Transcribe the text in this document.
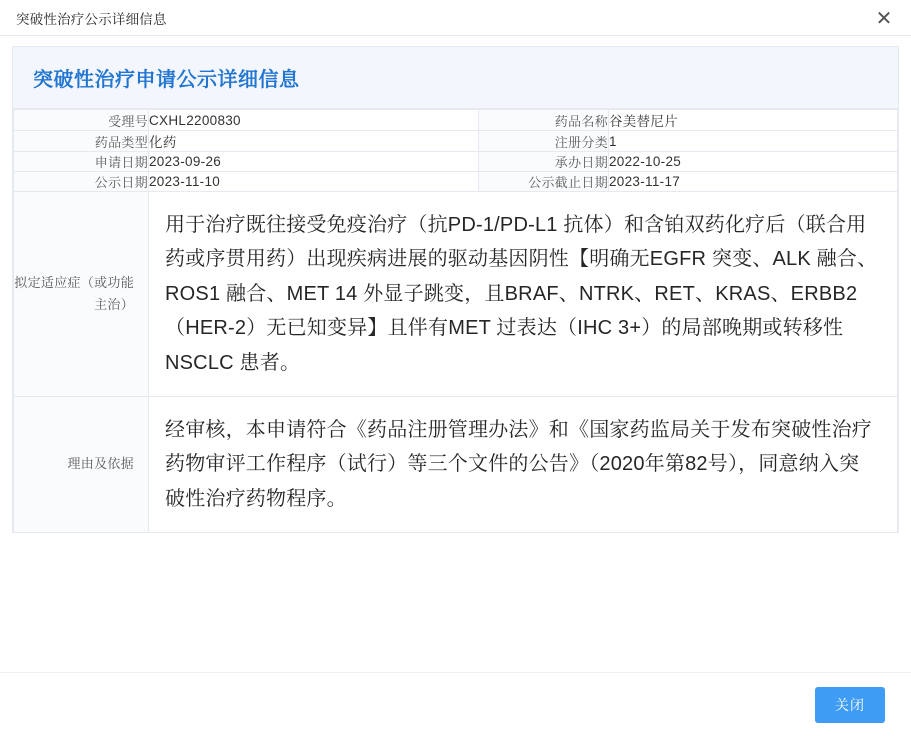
突破性治疗公示详细信息	✕
突破性治疗申请公示详细信息
受理号	CXHL2200830	药品名称	谷美替尼片
药品类型	化药	注册分类	1
申请日期	2023-09-26	承办日期	2022-10-25
公示日期	2023-11-10	公示截止日期	2023-11-17
拟定适应症（或功能主治）	用于治疗既往接受免疫治疗（抗PD-1/PD-L1 抗体）和含铂双药化疗后（联合用药或序贯用药）出现疾病进展的驱动基因阴性【明确无EGFR 突变、ALK 融合、ROS1 融合、MET 14 外显子跳变，且BRAF、NTRK、RET、KRAS、ERBB2（HER-2）无已知变异】且伴有MET 过表达（IHC 3+）的局部晚期或转移性NSCLC 患者。		
理由及依据	经审核，本申请符合《药品注册管理办法》和《国家药监局关于发布突破性治疗药物审评工作程序（试行）等三个文件的公告》（2020年第82号），同意纳入突破性治疗药物程序。		
关闭
